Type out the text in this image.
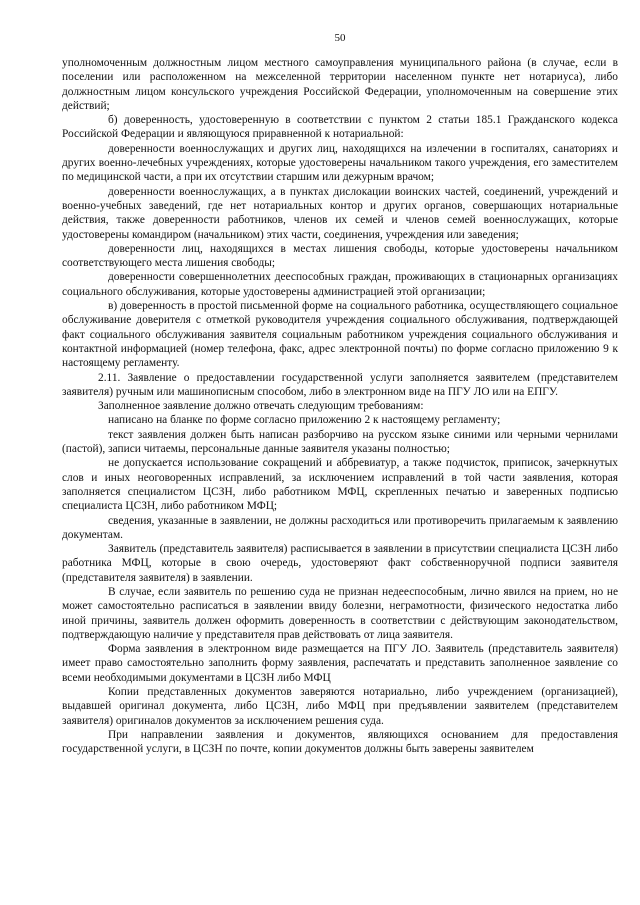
50

уполномоченным должностным лицом местного самоуправления муниципального района (в случае, если в поселении или расположенном на межселенной территории населенном пункте нет нотариуса), либо должностным лицом консульского учреждения Российской Федерации, уполномоченным на совершение этих действий;

б) доверенность, удостоверенную в соответствии с пунктом 2 статьи 185.1 Гражданского кодекса Российской Федерации и являющуюся приравненной к нотариальной:

доверенности военнослужащих и других лиц, находящихся на излечении в госпиталях, санаториях и других военно-лечебных учреждениях, которые удостоверены начальником такого учреждения, его заместителем по медицинской части, а при их отсутствии старшим или дежурным врачом;

доверенности военнослужащих, а в пунктах дислокации воинских частей, соединений, учреждений и военно-учебных заведений, где нет нотариальных контор и других органов, совершающих нотариальные действия, также доверенности работников, членов их семей и членов семей военнослужащих, которые удостоверены командиром (начальником) этих части, соединения, учреждения или заведения;

доверенности лиц, находящихся в местах лишения свободы, которые удостоверены начальником соответствующего места лишения свободы;

доверенности совершеннолетних дееспособных граждан, проживающих в стационарных организациях социального обслуживания, которые удостоверены администрацией этой организации;

в) доверенность в простой письменной форме на социального работника, осуществляющего социальное обслуживание доверителя с отметкой руководителя учреждения социального обслуживания, подтверждающей факт социального обслуживания заявителя социальным работником учреждения социального обслуживания и контактной информацией (номер телефона, факс, адрес электронной почты) по форме согласно приложению 9 к настоящему регламенту.

2.11. Заявление о предоставлении государственной услуги заполняется заявителем (представителем заявителя) ручным или машинописным способом, либо в электронном виде на ПГУ ЛО или на ЕПГУ.

Заполненное заявление должно отвечать следующим требованиям:

написано на бланке по форме согласно приложению 2 к настоящему регламенту;

текст заявления должен быть написан разборчиво на русском языке синими или черными чернилами (пастой), записи читаемы, персональные данные заявителя указаны полностью;

не допускается использование сокращений и аббревиатур, а также подчисток, приписок, зачеркнутых слов и иных неоговоренных исправлений, за исключением исправлений в той части заявления, которая заполняется специалистом ЦСЗН, либо работником МФЦ, скрепленных печатью и заверенных подписью специалиста ЦСЗН, либо работником МФЦ;

сведения, указанные в заявлении, не должны расходиться или противоречить прилагаемым к заявлению документам.

Заявитель (представитель заявителя) расписывается в заявлении в присутствии специалиста ЦСЗН либо работника МФЦ, которые в свою очередь, удостоверяют факт собственноручной подписи заявителя (представителя заявителя) в заявлении.

В случае, если заявитель по решению суда не признан недееспособным, лично явился на прием, но не может самостоятельно расписаться в заявлении ввиду болезни, неграмотности, физического недостатка либо иной причины, заявитель должен оформить доверенность в соответствии с действующим законодательством, подтверждающую наличие у представителя прав действовать от лица заявителя.

Форма заявления в электронном виде размещается на ПГУ ЛО. Заявитель (представитель заявителя) имеет право самостоятельно заполнить форму заявления, распечатать и представить заполненное заявление со всеми необходимыми документами в ЦСЗН либо МФЦ

Копии представленных документов заверяются нотариально, либо учреждением (организацией), выдавшей оригинал документа, либо ЦСЗН, либо МФЦ при предъявлении заявителем (представителем заявителя) оригиналов документов за исключением решения суда.

При направлении заявления и документов, являющихся основанием для предоставления государственной услуги, в ЦСЗН по почте, копии документов должны быть заверены заявителем
